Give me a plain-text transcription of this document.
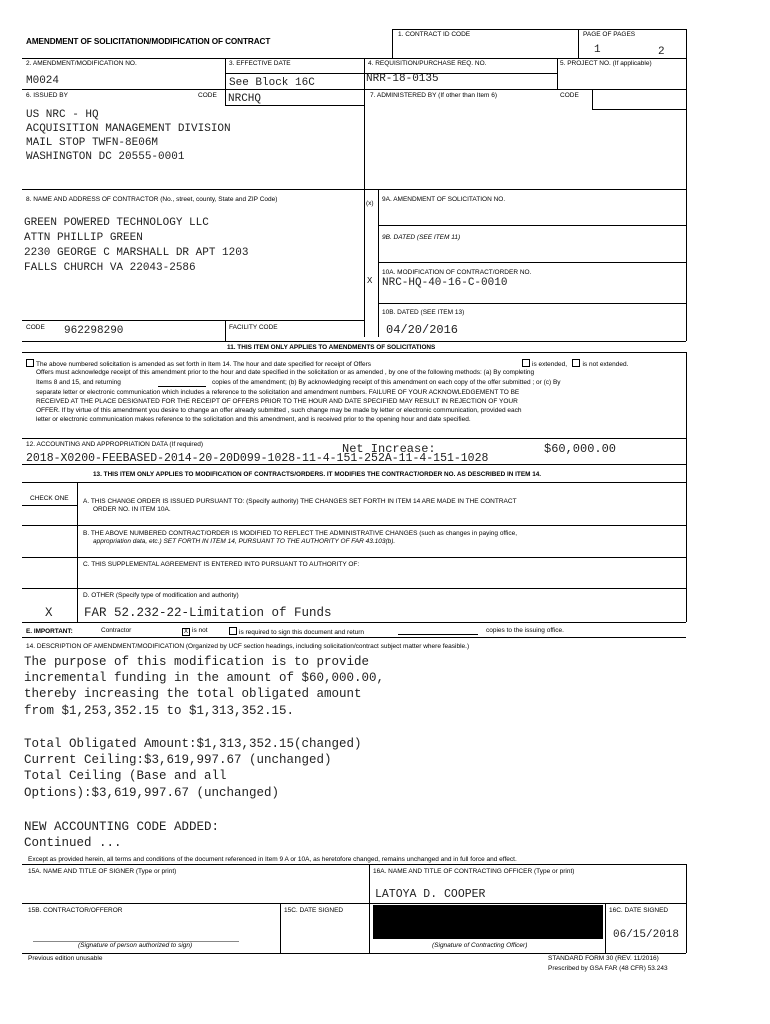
AMENDMENT OF SOLICITATION/MODIFICATION OF CONTRACT
1. CONTRACT ID CODE	PAGE OF PAGES
1	2
2. AMENDMENT/MODIFICATION NO.
M0024
3. EFFECTIVE DATE
See Block 16C
4. REQUISITION/PURCHASE REQ. NO.
NRR-18-0135
5. PROJECT NO. (If applicable)
6. ISSUED BY	CODE NRCHQ	7. ADMINISTERED BY (If other than Item 6)	CODE
US NRC - HQ
ACQUISITION MANAGEMENT DIVISION
MAIL STOP TWFN-8E06M
WASHINGTON DC 20555-0001
8. NAME AND ADDRESS OF CONTRACTOR (No., street, county, State and ZIP Code)
(x)
GREEN POWERED TECHNOLOGY LLC
ATTN PHILLIP GREEN
2230 GEORGE C MARSHALL DR APT 1203
FALLS CHURCH VA 22043-2586
CODE 962298290	FACILITY CODE
9A. AMENDMENT OF SOLICITATION NO.
9B. DATED (SEE ITEM 11)
X
10A. MODIFICATION OF CONTRACT/ORDER NO.
NRC-HQ-40-16-C-0010
10B. DATED (SEE ITEM 13)
04/20/2016
11. THIS ITEM ONLY APPLIES TO AMENDMENTS OF SOLICITATIONS
The above numbered solicitation is amended as set forth in Item 14. The hour and date specified for receipt of Offers	is extended, is not extended.
Offers must acknowledge receipt of this amendment prior to the hour and date specified in the solicitation or as amended , by one of the following methods: (a) By completing
Items 8 and 15, and returning	copies of the amendment; (b) By acknowledging receipt of this amendment on each copy of the offer submitted ; or (c) By
separate letter or electronic communication which includes a reference to the solicitation and amendment numbers. FAILURE OF YOUR ACKNOWLEDGEMENT TO BE
RECEIVED AT THE PLACE DESIGNATED FOR THE RECEIPT OF OFFERS PRIOR TO THE HOUR AND DATE SPECIFIED MAY RESULT IN REJECTION OF YOUR
OFFER. If by virtue of this amendment you desire to change an offer already submitted , such change may be made by letter or electronic communication, provided each
letter or electronic communication makes reference to the solicitation and this amendment, and is received prior to the opening hour and date specified.
12. ACCOUNTING AND APPROPRIATION DATA (If required)	Net Increase:	$60,000.00
2018-X0200-FEEBASED-2014-20-20D099-1028-11-4-151-252A-11-4-151-1028
13. THIS ITEM ONLY APPLIES TO MODIFICATION OF CONTRACTS/ORDERS. IT MODIFIES THE CONTRACT/ORDER NO. AS DESCRIBED IN ITEM 14.
CHECK ONE A. THIS CHANGE ORDER IS ISSUED PURSUANT TO: (Specify authority) THE CHANGES SET FORTH IN ITEM 14 ARE MADE IN THE CONTRACT
ORDER NO. IN ITEM 10A.
B. THE ABOVE NUMBERED CONTRACT/ORDER IS MODIFIED TO REFLECT THE ADMINISTRATIVE CHANGES (such as changes in paying office,
appropriation data, etc.) SET FORTH IN ITEM 14, PURSUANT TO THE AUTHORITY OF FAR 43.103(b).
C. THIS SUPPLEMENTAL AGREEMENT IS ENTERED INTO PURSUANT TO AUTHORITY OF:
D. OTHER (Specify type of modification and authority)
X	FAR 52.232-22-Limitation of Funds
E. IMPORTANT:	Contractor	X is not	is required to sign this document and return	copies to the issuing office.
14. DESCRIPTION OF AMENDMENT/MODIFICATION (Organized by UCF section headings, including solicitation/contract subject matter where feasible.)
The purpose of this modification is to provide
incremental funding in the amount of $60,000.00,
thereby increasing the total obligated amount
from $1,253,352.15 to $1,313,352.15.
Total Obligated Amount:$1,313,352.15(changed)
Current Ceiling:$3,619,997.67 (unchanged)
Total Ceiling (Base and all
Options):$3,619,997.67 (unchanged)
NEW ACCOUNTING CODE ADDED:
Continued ...
Except as provided herein, all terms and conditions of the document referenced in Item 9 A or 10A, as heretofore changed, remains unchanged and in full force and effect.
15A. NAME AND TITLE OF SIGNER (Type or print)	16A. NAME AND TITLE OF CONTRACTING OFFICER (Type or print)
LATOYA D. COOPER
15B. CONTRACTOR/OFFEROR	15C. DATE SIGNED	16C. DATE SIGNED
06/15/2018
(Signature of person authorized to sign)	(Signature of Contracting Officer)
Previous edition unusable	STANDARD FORM 30 (REV. 11/2016)
Prescribed by GSA FAR (48 CFR) 53.243
